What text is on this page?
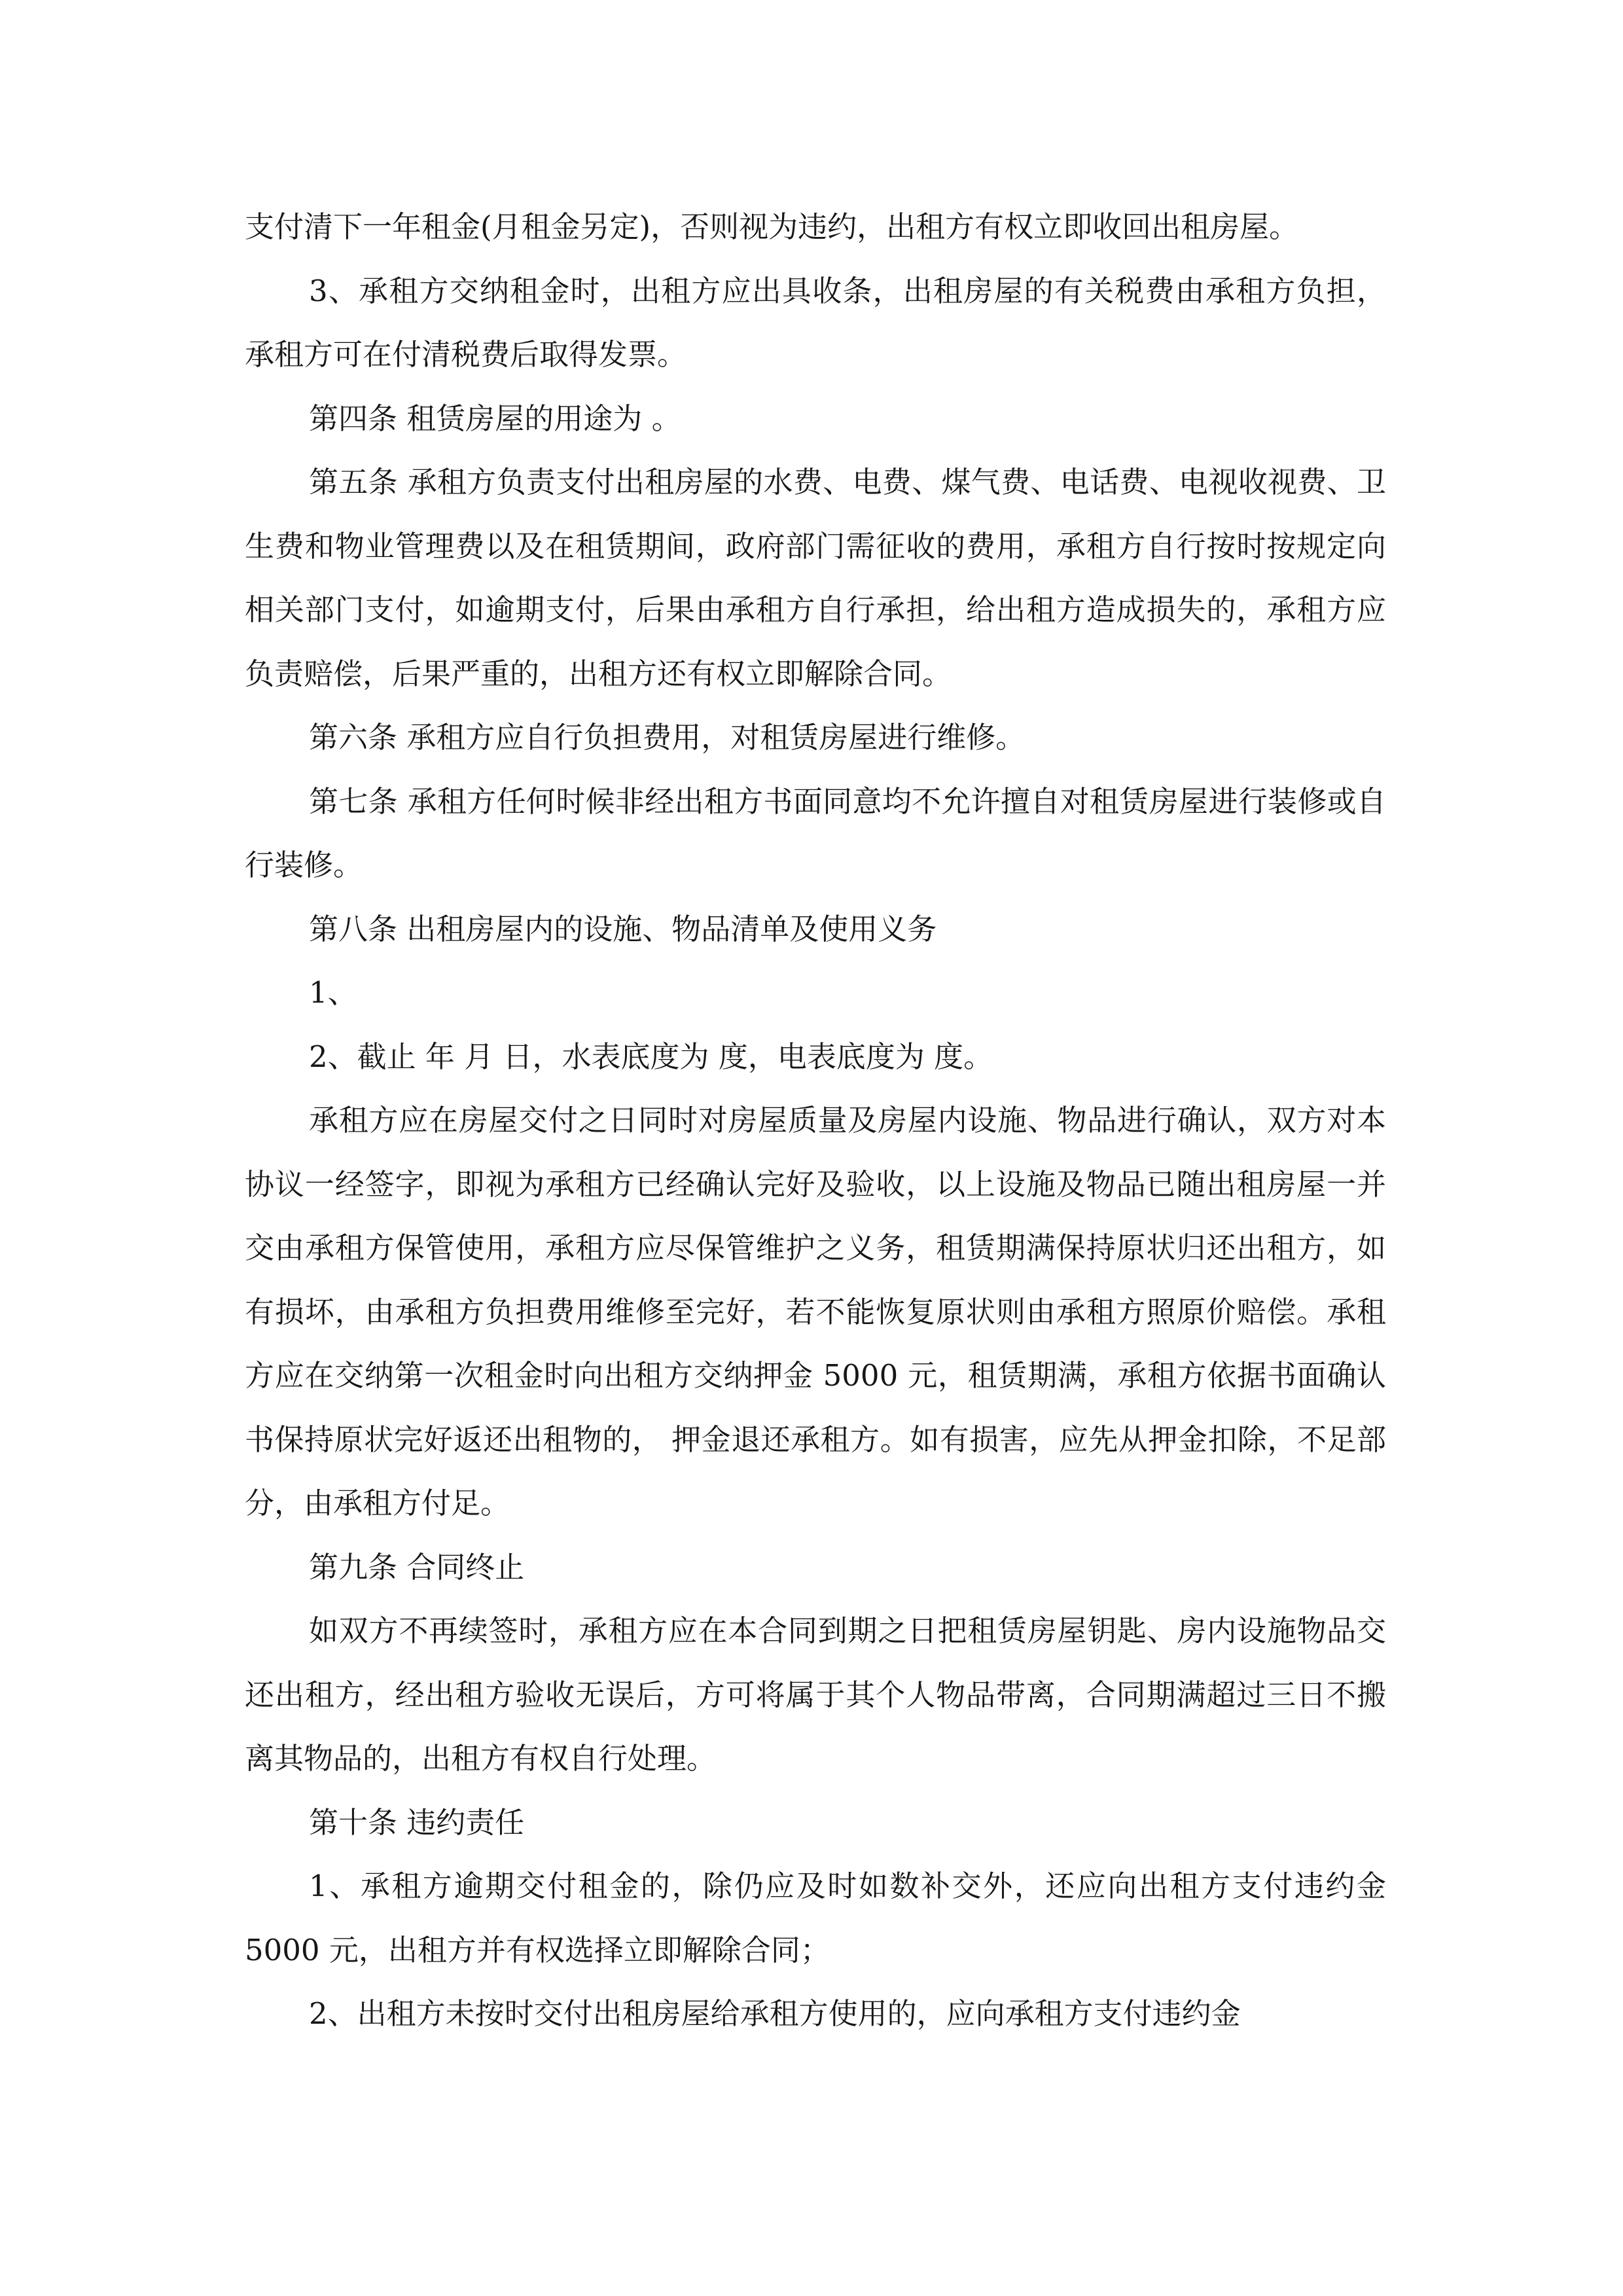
支付清下一年租金(月租金另定)，否则视为违约，出租方有权立即收回出租房屋。

3、承租方交纳租金时，出租方应出具收条，出租房屋的有关税费由承租方负担，承租方可在付清税费后取得发票。

第四条 租赁房屋的用途为 。

第五条 承租方负责支付出租房屋的水费、电费、煤气费、电话费、电视收视费、卫生费和物业管理费以及在租赁期间，政府部门需征收的费用，承租方自行按时按规定向相关部门支付，如逾期支付，后果由承租方自行承担，给出租方造成损失的，承租方应负责赔偿，后果严重的，出租方还有权立即解除合同。

第六条 承租方应自行负担费用，对租赁房屋进行维修。

第七条 承租方任何时候非经出租方书面同意均不允许擅自对租赁房屋进行装修或自行装修。

第八条 出租房屋内的设施、物品清单及使用义务

1、

2、截止 年 月 日，水表底度为 度，电表底度为 度。

承租方应在房屋交付之日同时对房屋质量及房屋内设施、物品进行确认，双方对本协议一经签字，即视为承租方已经确认完好及验收，以上设施及物品已随出租房屋一并交由承租方保管使用，承租方应尽保管维护之义务，租赁期满保持原状归还出租方，如有损坏，由承租方负担费用维修至完好，若不能恢复原状则由承租方照原价赔偿。承租方应在交纳第一次租金时向出租方交纳押金 5000 元，租赁期满，承租方依据书面确认书保持原状完好返还出租物的， 押金退还承租方。如有损害，应先从押金扣除，不足部分，由承租方付足。

第九条 合同终止

如双方不再续签时，承租方应在本合同到期之日把租赁房屋钥匙、房内设施物品交还出租方，经出租方验收无误后，方可将属于其个人物品带离，合同期满超过三日不搬离其物品的，出租方有权自行处理。

第十条 违约责任

1、承租方逾期交付租金的，除仍应及时如数补交外，还应向出租方支付违约金 5000 元，出租方并有权选择立即解除合同；

2、出租方未按时交付出租房屋给承租方使用的，应向承租方支付违约金
